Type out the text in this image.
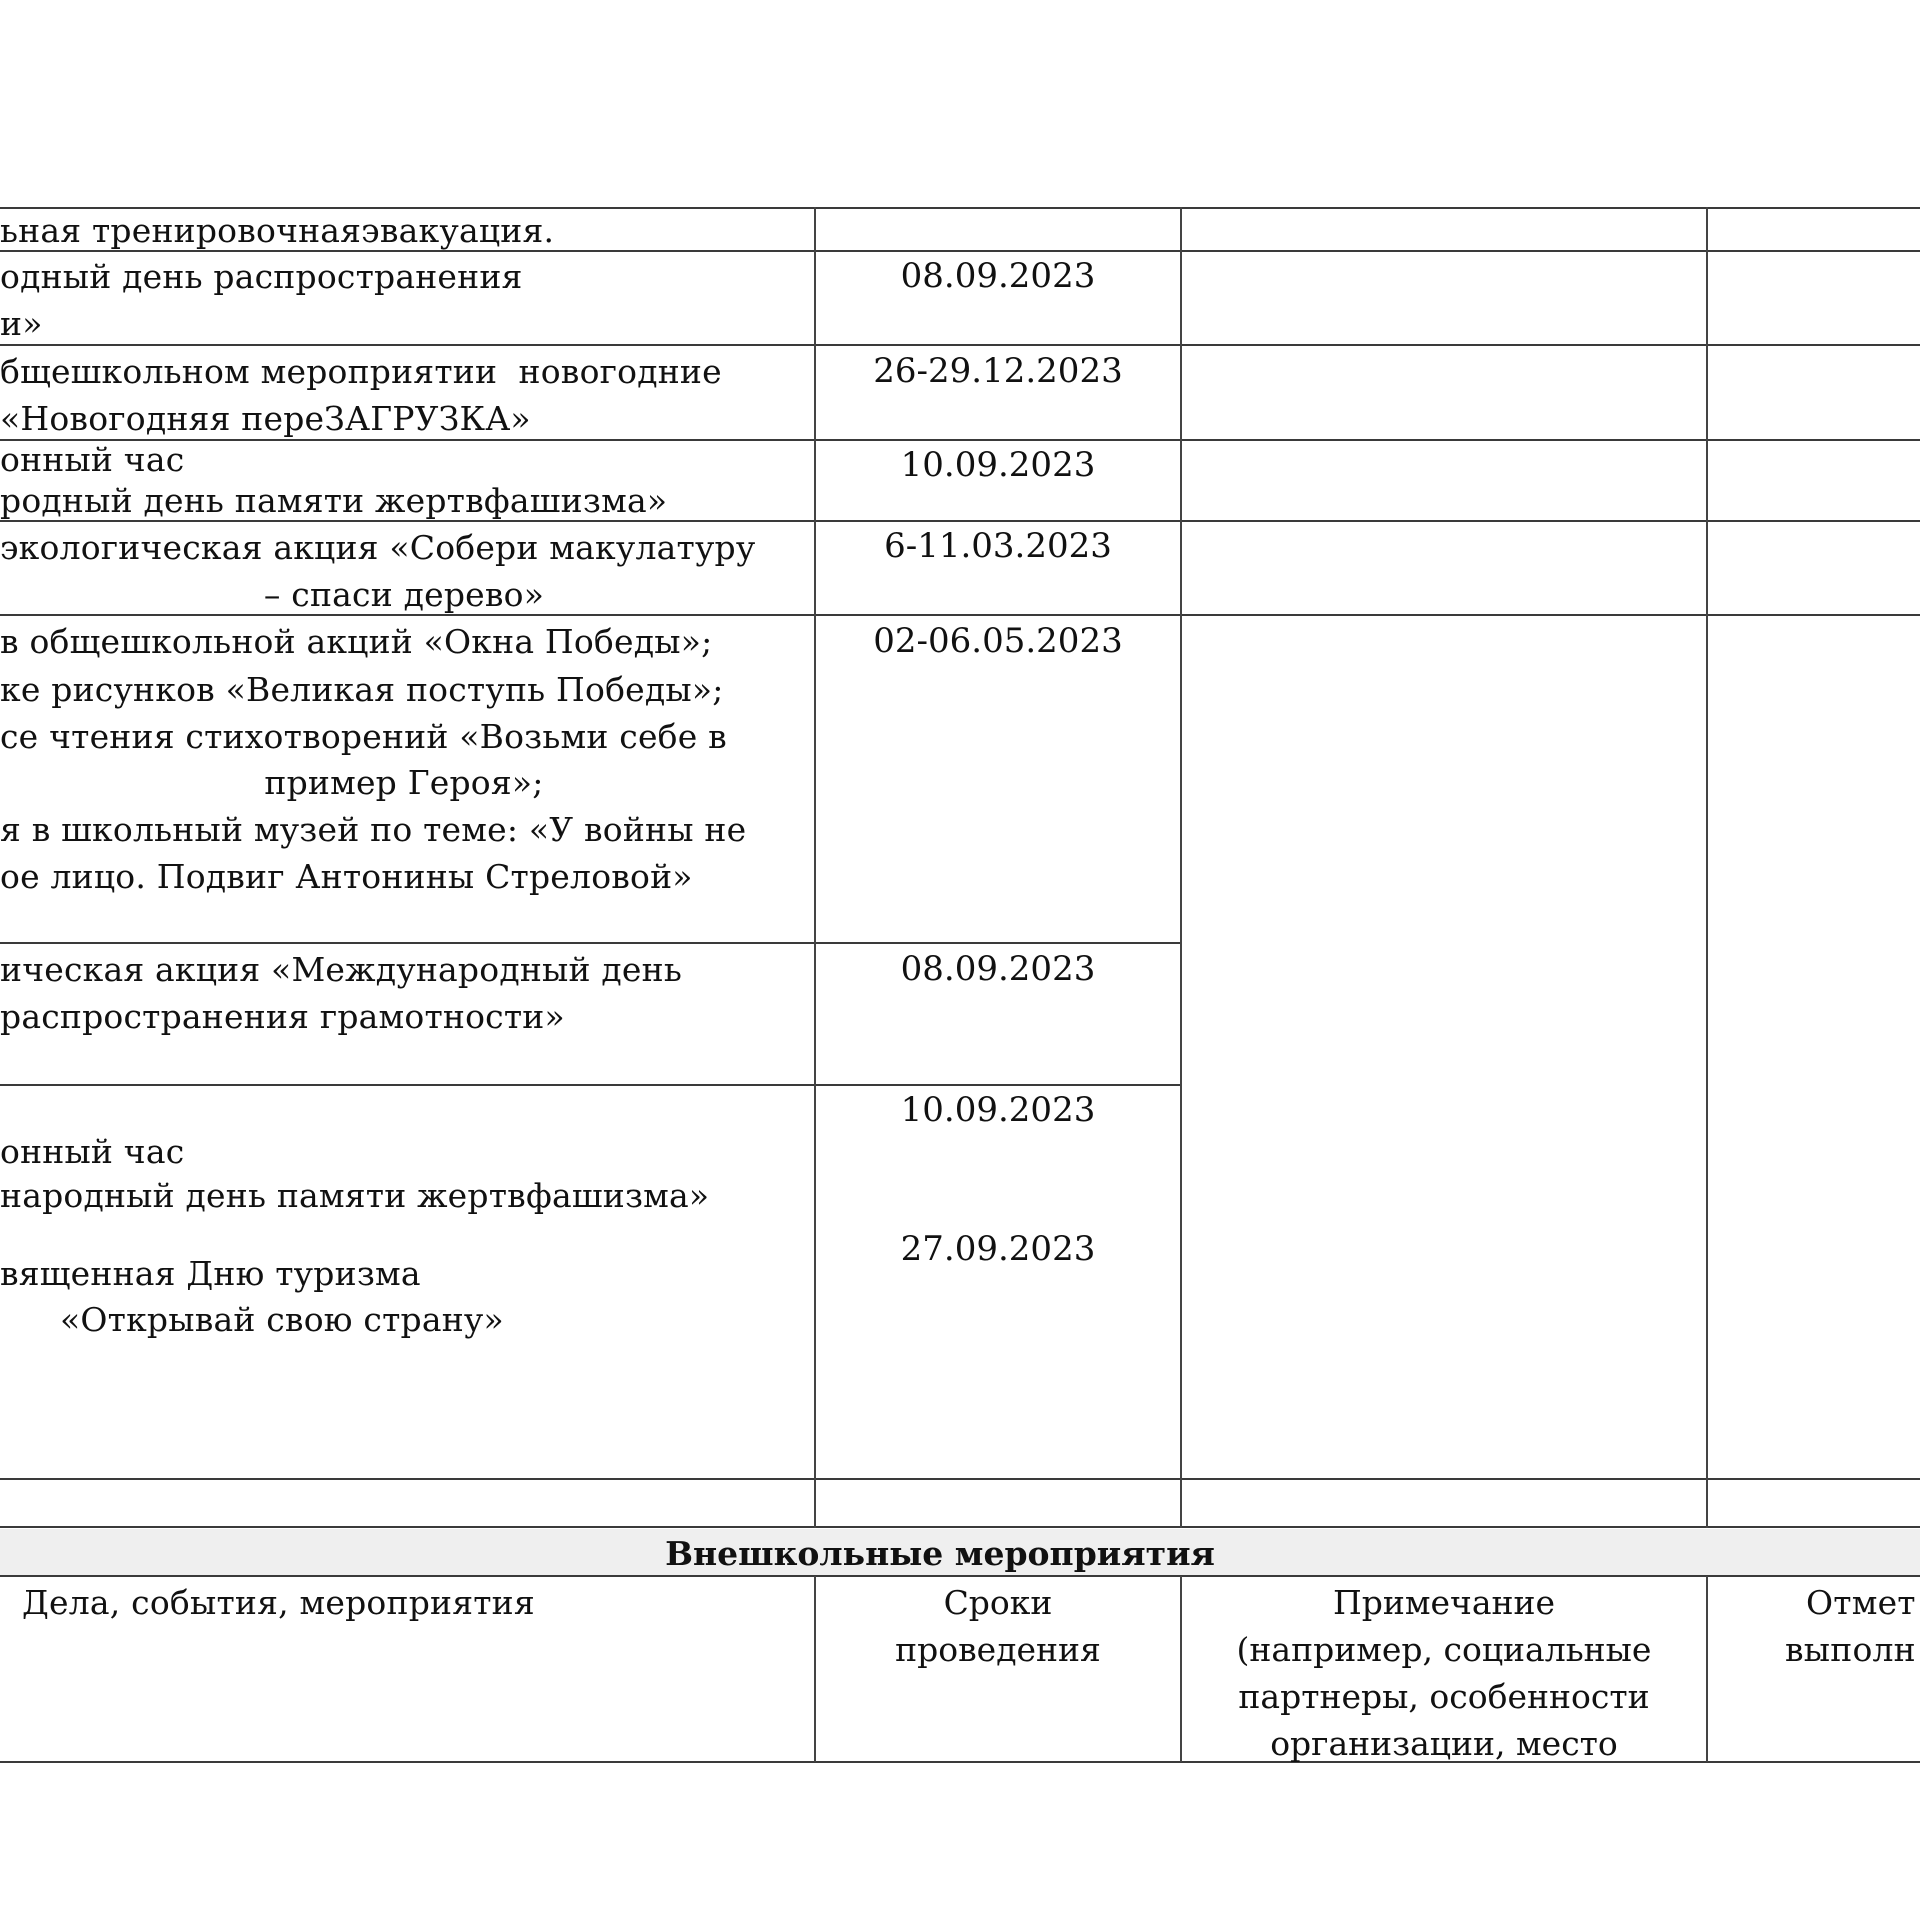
ьная тренировочнаяэвакуация.
одный день распространения
и»
08.09.2023
бщешкольном мероприятии  новогодние
«Новогодняя переЗАГРУЗКА»
26-29.12.2023
онный час
родный день памяти жертвфашизма»
10.09.2023
экологическая акция «Собери макулатуру
– спаси дерево»
6-11.03.2023
в общешкольной акций «Окна Победы»;
ке рисунков «Великая поступь Победы»;
се чтения стихотворений «Возьми себе в
пример Героя»;
я в школьный музей по теме: «У войны не
ое лицо. Подвиг Антонины Стреловой»
02-06.05.2023
ическая акция «Международный день
распространения грамотности»
08.09.2023
онный час
народный день памяти жертвфашизма»
вященная Дню туризма
«Открывай свою страну»
10.09.2023
27.09.2023
Внешкольные мероприятия
Дела, события, мероприятия	Сроки
проведения
Примечание
(например, социальные
партнеры, особенности
организации, место
Отмет
выполн
